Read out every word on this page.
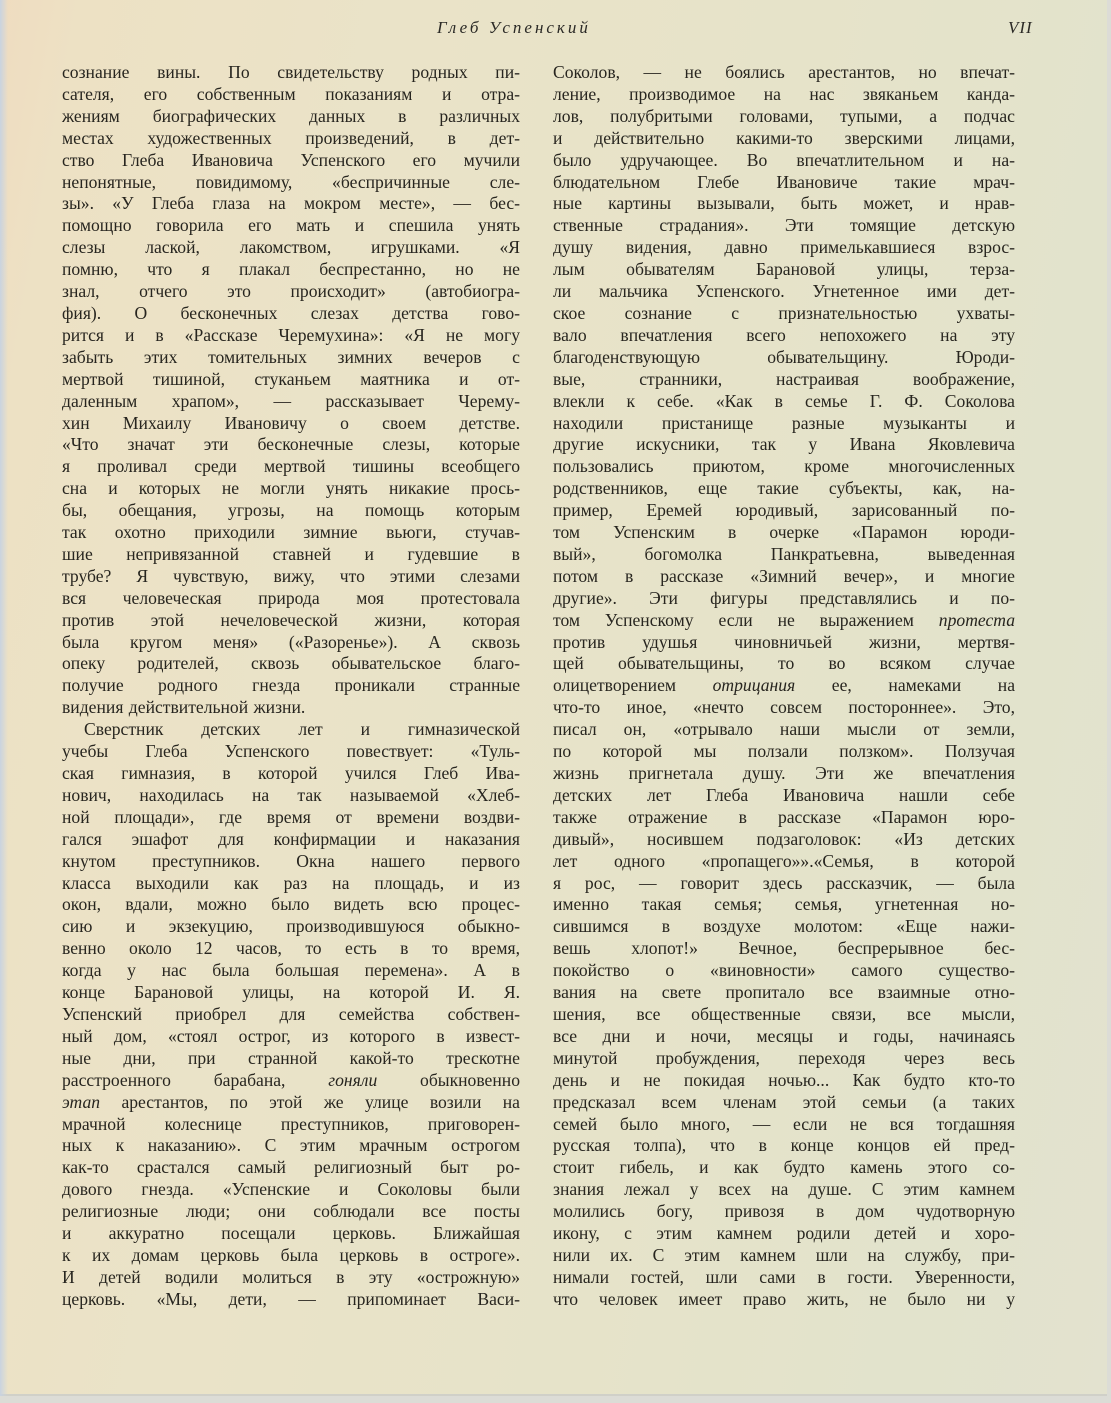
Глеб Успенский	VII

сознание вины. По свидетельству родных пи-
сателя, его собственным показаниям и отра-
жениям биографических данных в различных
местах художественных произведений, в дет-
ство Глеба Ивановича Успенского его мучили
непонятные, повидимому, «беспричинные сле-
зы». «У Глеба глаза на мокром месте», — бес-
помощно говорила его мать и спешила унять
слезы лаской, лакомством, игрушками. «Я
помню, что я плакал беспрестанно, но не
знал, отчего это происходит» (автобиогра-
фия). О бесконечных слезах детства гово-
рится и в «Рассказе Черемухина»: «Я не могу
забыть этих томительных зимних вечеров с
мертвой тишиной, стуканьем маятника и от-
даленным храпом», — рассказывает Черему-
хин Михаилу Ивановичу о своем детстве.
«Что значат эти бесконечные слезы, которые
я проливал среди мертвой тишины всеобщего
сна и которых не могли унять никакие прось-
бы, обещания, угрозы, на помощь которым
так охотно приходили зимние вьюги, стучав-
шие непривязанной ставней и гудевшие в
трубе? Я чувствую, вижу, что этими слезами
вся человеческая природа моя протестовала
против этой нечеловеческой жизни, которая
была кругом меня» («Разоренье»). А сквозь
опеку родителей, сквозь обывательское благо-
получие родного гнезда проникали странные
видения действительной жизни.

Сверстник детских лет и гимназической
учебы Глеба Успенского повествует: «Туль-
ская гимназия, в которой учился Глеб Ива-
нович, находилась на так называемой «Хлеб-
ной площади», где время от времени воздви-
гался эшафот для конфирмации и наказания
кнутом преступников. Окна нашего первого
класса выходили как раз на площадь, и из
окон, вдали, можно было видеть всю процес-
сию и экзекуцию, производившуюся обыкно-
венно около 12 часов, то есть в то время,
когда у нас была большая перемена». А в
конце Барановой улицы, на которой И. Я.
Успенский приобрел для семейства собствен-
ный дом, «стоял острог, из которого в извест-
ные дни, при странной какой-то трескотне
расстроенного барабана, гоняли обыкновенно
этап арестантов, по этой же улице возили на
мрачной колеснице преступников, приговорен-
ных к наказанию». С этим мрачным острогом
как-то срастался самый религиозный быт ро-
дового гнезда. «Успенские и Соколовы были
религиозные люди; они соблюдали все посты
и аккуратно посещали церковь. Ближайшая
к их домам церковь была церковь в остроге».
И детей водили молиться в эту «острожную»
церковь. «Мы, дети, — припоминает Васи-

Соколов, — не боялись арестантов, но впечат-
ление, производимое на нас звяканьем канда-
лов, полубритыми головами, тупыми, а подчас
и действительно какими-то зверскими лицами,
было удручающее. Во впечатлительном и на-
блюдательном Глебе Ивановиче такие мрач-
ные картины вызывали, быть может, и нрав-
ственные страдания». Эти томящие детскую
душу видения, давно примелькавшиеся взрос-
лым обывателям Барановой улицы, терза-
ли мальчика Успенского. Угнетенное ими дет-
ское сознание с признательностью ухваты-
вало впечатления всего непохожего на эту
благоденствующую обывательщину. Юроди-
вые, странники, настраивая воображение,
влекли к себе. «Как в семье Г. Ф. Соколова
находили пристанище разные музыканты и
другие искусники, так у Ивана Яковлевича
пользовались приютом, кроме многочисленных
родственников, еще такие субъекты, как, на-
пример, Еремей юродивый, зарисованный по-
том Успенским в очерке «Парамон юроди-
вый», богомолка Панкратьевна, выведенная
потом в рассказе «Зимний вечер», и многие
другие». Эти фигуры представлялись и по-
том Успенскому если не выражением протеста
против удушья чиновничьей жизни, мертвя-
щей обывательщины, то во всяком случае
олицетворением отрицания ее, намеками на
что-то иное, «нечто совсем постороннее». Это,
писал он, «отрывало наши мысли от земли,
по которой мы ползали ползком». Ползучая
жизнь пригнетала душу. Эти же впечатления
детских лет Глеба Ивановича нашли себе
также отражение в рассказе «Парамон юро-
дивый», носившем подзаголовок: «Из детских
лет одного «пропащего»».«Семья, в которой
я рос, — говорит здесь рассказчик, — была
именно такая семья; семья, угнетенная но-
сившимся в воздухе молотом: «Еще нажи-
вешь хлопот!» Вечное, беспрерывное бес-
покойство о «виновности» самого существо-
вания на свете пропитало все взаимные отно-
шения, все общественные связи, все мысли,
все дни и ночи, месяцы и годы, начинаясь
минутой пробуждения, переходя через весь
день и не покидая ночью... Как будто кто-то
предсказал всем членам этой семьи (а таких
семей было много, — если не вся тогдашняя
русская толпа), что в конце концов ей пред-
стоит гибель, и как будто камень этого со-
знания лежал у всех на душе. С этим камнем
молились богу, привозя в дом чудотворную
икону, с этим камнем родили детей и хоро-
нили их. С этим камнем шли на службу, при-
нимали гостей, шли сами в гости. Уверенности,
что человек имеет право жить, не было ни у
